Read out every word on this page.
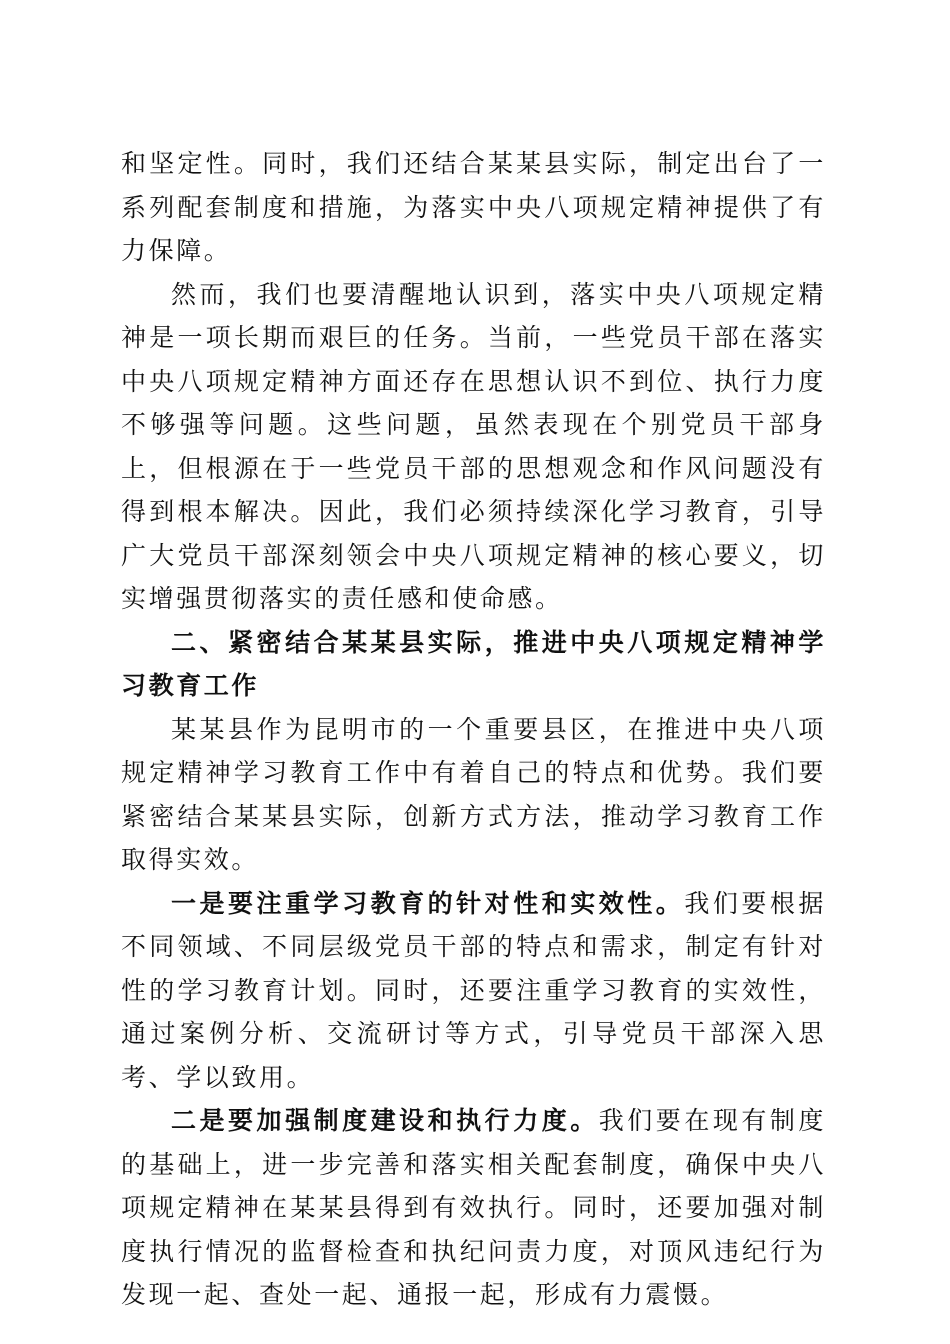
和坚定性。同时，我们还结合某某县实际，制定出台了一系列配套制度和措施，为落实中央八项规定精神提供了有力保障。

然而，我们也要清醒地认识到，落实中央八项规定精神是一项长期而艰巨的任务。当前，一些党员干部在落实中央八项规定精神方面还存在思想认识不到位、执行力度不够强等问题。这些问题，虽然表现在个别党员干部身上，但根源在于一些党员干部的思想观念和作风问题没有得到根本解决。因此，我们必须持续深化学习教育，引导广大党员干部深刻领会中央八项规定精神的核心要义，切实增强贯彻落实的责任感和使命感。

二、紧密结合某某县实际，推进中央八项规定精神学习教育工作

某某县作为昆明市的一个重要县区，在推进中央八项规定精神学习教育工作中有着自己的特点和优势。我们要紧密结合某某县实际，创新方式方法，推动学习教育工作取得实效。

一是要注重学习教育的针对性和实效性。我们要根据不同领域、不同层级党员干部的特点和需求，制定有针对性的学习教育计划。同时，还要注重学习教育的实效性，通过案例分析、交流研讨等方式，引导党员干部深入思考、学以致用。

二是要加强制度建设和执行力度。我们要在现有制度的基础上，进一步完善和落实相关配套制度，确保中央八项规定精神在某某县得到有效执行。同时，还要加强对制度执行情况的监督检查和执纪问责力度，对顶风违纪行为发现一起、查处一起、通报一起，形成有力震慑。
